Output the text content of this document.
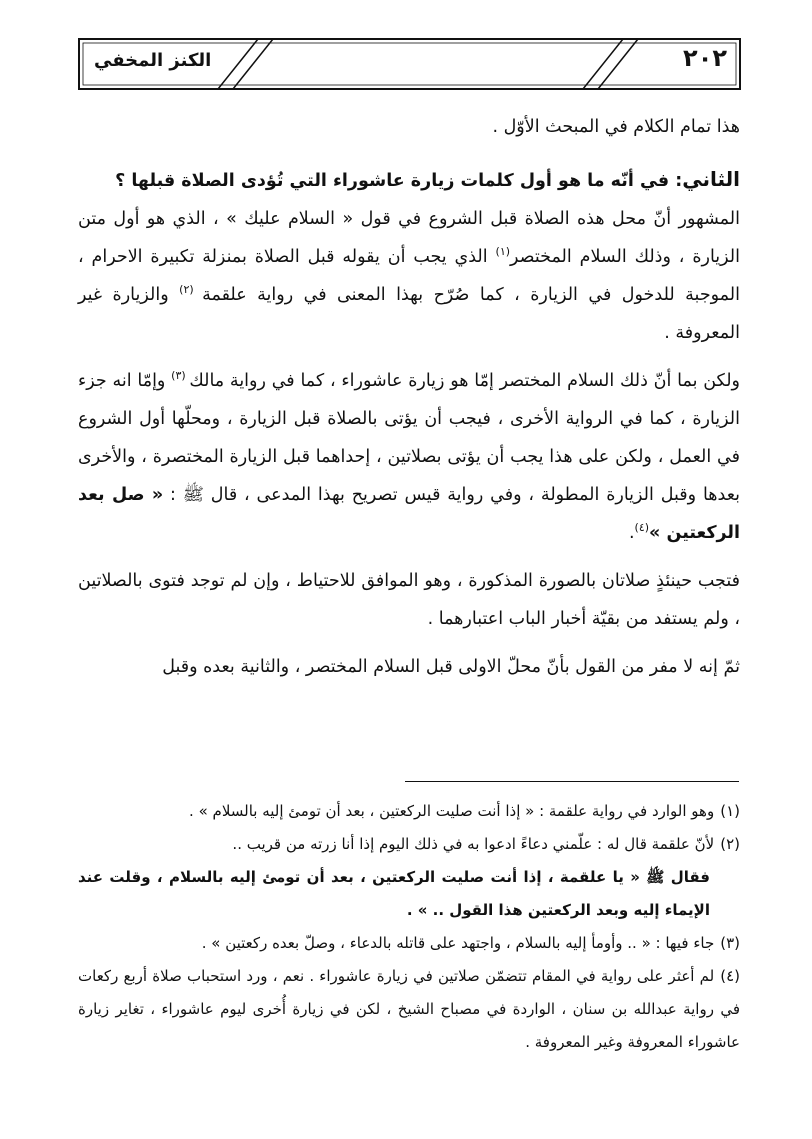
٢٠٢
الكنز المخفي

هذا تمام الكلام في المبحث الأوّل .

الثاني: في أنّه ما هو أول كلمات زيارة عاشوراء التي تُؤدى الصلاة قبلها ؟

المشهور أنّ محل هذه الصلاة قبل الشروع في قول « السلام عليك » ، الذي هو أول متن الزيارة ، وذلك السلام المختصر$^{(١)}$ الذي يجب أن يقوله قبل الصلاة بمنزلة تكبيرة الاحرام ، الموجبة للدخول في الزيارة ، كما صُرّح بهذا المعنى في رواية علقمة $^{(٢)}$ والزيارة غير المعروفة .

ولكن بما أنّ ذلك السلام المختصر إمّا هو زيارة عاشوراء ، كما في رواية مالك $^{(٣)}$ وإمّا انه جزء الزيارة ، كما في الرواية الأخرى ، فيجب أن يؤتى بالصلاة قبل الزيارة ، ومحلّها أول الشروع في العمل ، ولكن على هذا يجب أن يؤتى بصلاتين ، إحداهما قبل الزيارة المختصرة ، والأخرى بعدها وقبل الزيارة المطولة ، وفي رواية قيس تصريح بهذا المدعى ، قال ﷺ : « صل بعد الركعتين »$^{(٤)}$.

فتجب حينئذٍ صلاتان بالصورة المذكورة ، وهو الموافق للاحتياط ، وإن لم توجد فتوى بالصلاتين ، ولم يستفد من بقيّة أخبار الباب اعتبارهما .

ثمّ إنه لا مفر من القول بأنّ محلّ الاولى قبل السلام المختصر ، والثانية بعده وقبل

(١)وهو الوارد في رواية علقمة : « إذا أنت صليت الركعتين ، بعد أن تومئ إليه بالسلام » .

(٢)لأنّ علقمة قال له : علّمني دعاءً ادعوا به في ذلك اليوم إذا أنا زرته من قريب ..

فقال ﷺ « يا علقمة ، إذا أنت صليت الركعتين ، بعد أن تومئ إليه بالسلام ، وقلت عند الإيماء إليه وبعد الركعتين هذا القول .. » .

(٣)جاء فيها : « .. وأومأ إليه بالسلام ، واجتهد على قاتله بالدعاء ، وصلّ بعده ركعتين » .

(٤)لم أعثر على رواية في المقام تتضمّن صلاتين في زيارة عاشوراء . نعم ، ورد استحباب صلاة أربع ركعات في رواية عبدالله بن سنان ، الواردة في مصباح الشيخ ، لكن في زيارة أُخرى ليوم عاشوراء ، تغاير زيارة عاشوراء المعروفة وغير المعروفة .
